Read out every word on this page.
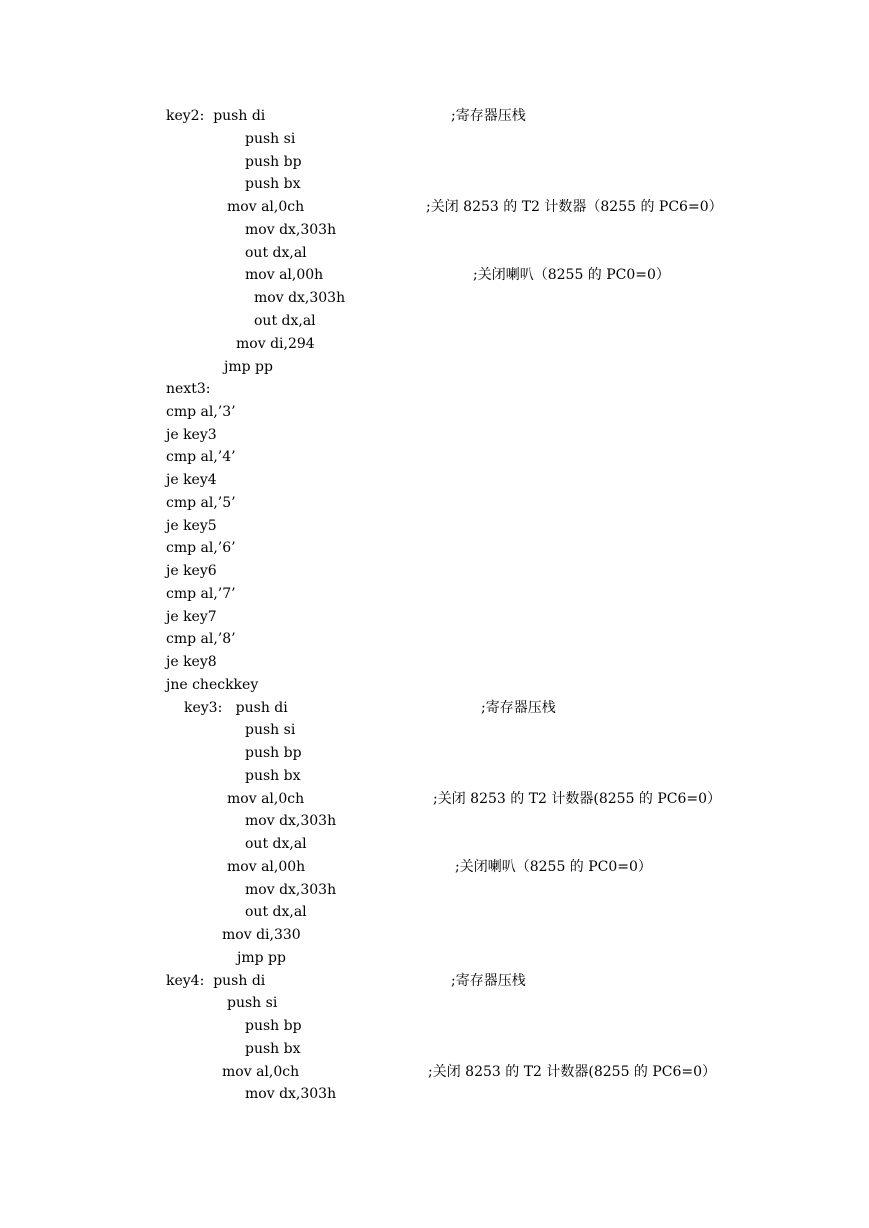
key2:  push di	;寄存器压栈
push si
push bp
push bx
mov al,0ch	;关闭 8253 的 T2 计数器（8255 的 PC6=0）
mov dx,303h
out dx,al
mov al,00h	;关闭喇叭（8255 的 PC0=0）
mov dx,303h
out dx,al
mov di,294
jmp pp
next3:
cmp al,’3’
je key3
cmp al,’4’
je key4
cmp al,’5’
je key5
cmp al,’6’
je key6
cmp al,’7’
je key7
cmp al,’8’
je key8
jne checkkey
key3:   push di	;寄存器压栈
push si
push bp
push bx
mov al,0ch	;关闭 8253 的 T2 计数器(8255 的 PC6=0）
mov dx,303h
out dx,al
mov al,00h	;关闭喇叭（8255 的 PC0=0）
mov dx,303h
out dx,al
mov di,330
jmp pp
key4:  push di	;寄存器压栈
push si
push bp
push bx
mov al,0ch	;关闭 8253 的 T2 计数器(8255 的 PC6=0）
mov dx,303h
